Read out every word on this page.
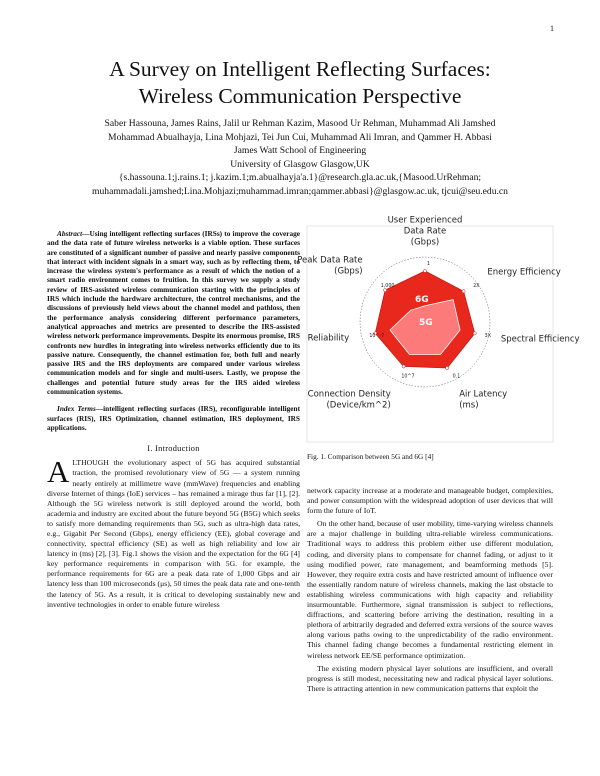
1
A Survey on Intelligent Reflecting Surfaces:
Wireless Communication Perspective
Saber Hassouna, James Rains, Jalil ur Rehman Kazim, Masood Ur Rehman, Muhammad Ali Jamshed
Mohammad Abualhayja, Lina Mohjazi, Tei Jun Cui, Muhammad Ali Imran, and Qammer H. Abbasi
James Watt School of Engineering
University of Glasgow Glasgow,UK
{s.hassouna.1;j.rains.1; j.kazim.1;m.abualhayja'a.1}@research.gla.ac.uk,{Masood.UrRehman;
muhammadali.jamshed;Lina.Mohjazi;muhammad.imran;qammer.abbasi}@glasgow.ac.uk, tjcui@seu.edu.cn

Abstract—Using intelligent reflecting surfaces (IRSs) to improve the coverage and the data rate of future wireless networks is a viable option. These surfaces are constituted of a significant number of passive and nearly passive components that interact with incident signals in a smart way, such as by reflecting them, to increase the wireless system's performance as a result of which the notion of a smart radio environment comes to fruition. In this survey we supply a study review of IRS-assisted wireless communication starting with the principles of IRS which include the hardware architecture, the control mechanisms, and the discussions of previously held views about the channel model and pathloss, then the performance analysis considering different performance parameters, analytical approaches and metrics are presented to describe the IRS-assisted wireless network performance improvements. Despite its enormous promise, IRS confronts new hurdles in integrating into wireless networks efficiently due to its passive nature. Consequently, the channel estimation for, both full and nearly passive IRS and the IRS deployments are compared under various wireless communication models and for single and multi-users. Lastly, we propose the challenges and potential future study areas for the IRS aided wireless communication systems.

Index Terms—intelligent reflecting surfaces (IRS), reconfigurable intelligent surfaces (RIS), IRS Optimization, channel estimation, IRS deployment, IRS applications.

I. Introduction

ALTHOUGH the evolutionary aspect of 5G has acquired substantial traction, the promised revolutionary view of 5G — a system running nearly entirely at millimetre wave (mmWave) frequencies and enabling diverse Internet of things (IoE) services – has remained a mirage thus far [1], [2]. Although the 5G wireless network is still deployed around the world, both academia and industry are excited about the future beyond 5G (B5G) which seeks to satisfy more demanding requirements than 5G, such as ultra-high data rates, e.g., Gigabit Per Second (Gbps), energy efficiency (EE), global coverage and connectivity, spectral efficiency (SE) as well as high reliability and low air latency in (ms) [2], [3]. Fig.1 shows the vision and the expectation for the 6G [4] key performance requirements in comparison with 5G. for example, the performance requirements for 6G are a peak data rate of 1,000 Gbps and air latency less than 100 microseconds (μs), 50 times the peak data rate and one-tenth the latency of 5G. As a result, it is critical to developing sustainably new and inventive technologies in order to enable future wireless

6G
5G
User Experienced Data Rate (Gbps)
1
Energy Efficiency
2X
Spectral Efficiency
3X
Air Latency (ms)
0.1
Connection Density (Device/km^2)
10^7
Reliability	10^-7
Peak Data Rate (Gbps)
1,000
Fig. 1. Comparison between 5G and 6G [4]

network capacity increase at a moderate and manageable budget, complexities, and power consumption with the widespread adoption of user devices that will form the future of IoT.

On the other hand, because of user mobility, time-varying wireless channels are a major challenge in building ultra-reliable wireless communications. Traditional ways to address this problem either use different modulation, coding, and diversity plans to compensate for channel fading, or adjust to it using modified power, rate management, and beamforming methods [5]. However, they require extra costs and have restricted amount of influence over the essentially random nature of wireless channels, making the last obstacle to establishing wireless communications with high capacity and reliability insurmountable. Furthermore, signal transmission is subject to reflections, diffractions, and scattering before arriving the destination, resulting in a plethora of arbitrarily degraded and deferred extra versions of the source waves along various paths owing to the unpredictability of the radio environment. This channel fading change becomes a fundamental restricting element in wireless network EE/SE performance optimization.

The existing modern physical layer solutions are insufficient, and overall progress is still modest, necessitating new and radical physical layer solutions. There is attracting attention in new communication patterns that exploit the
